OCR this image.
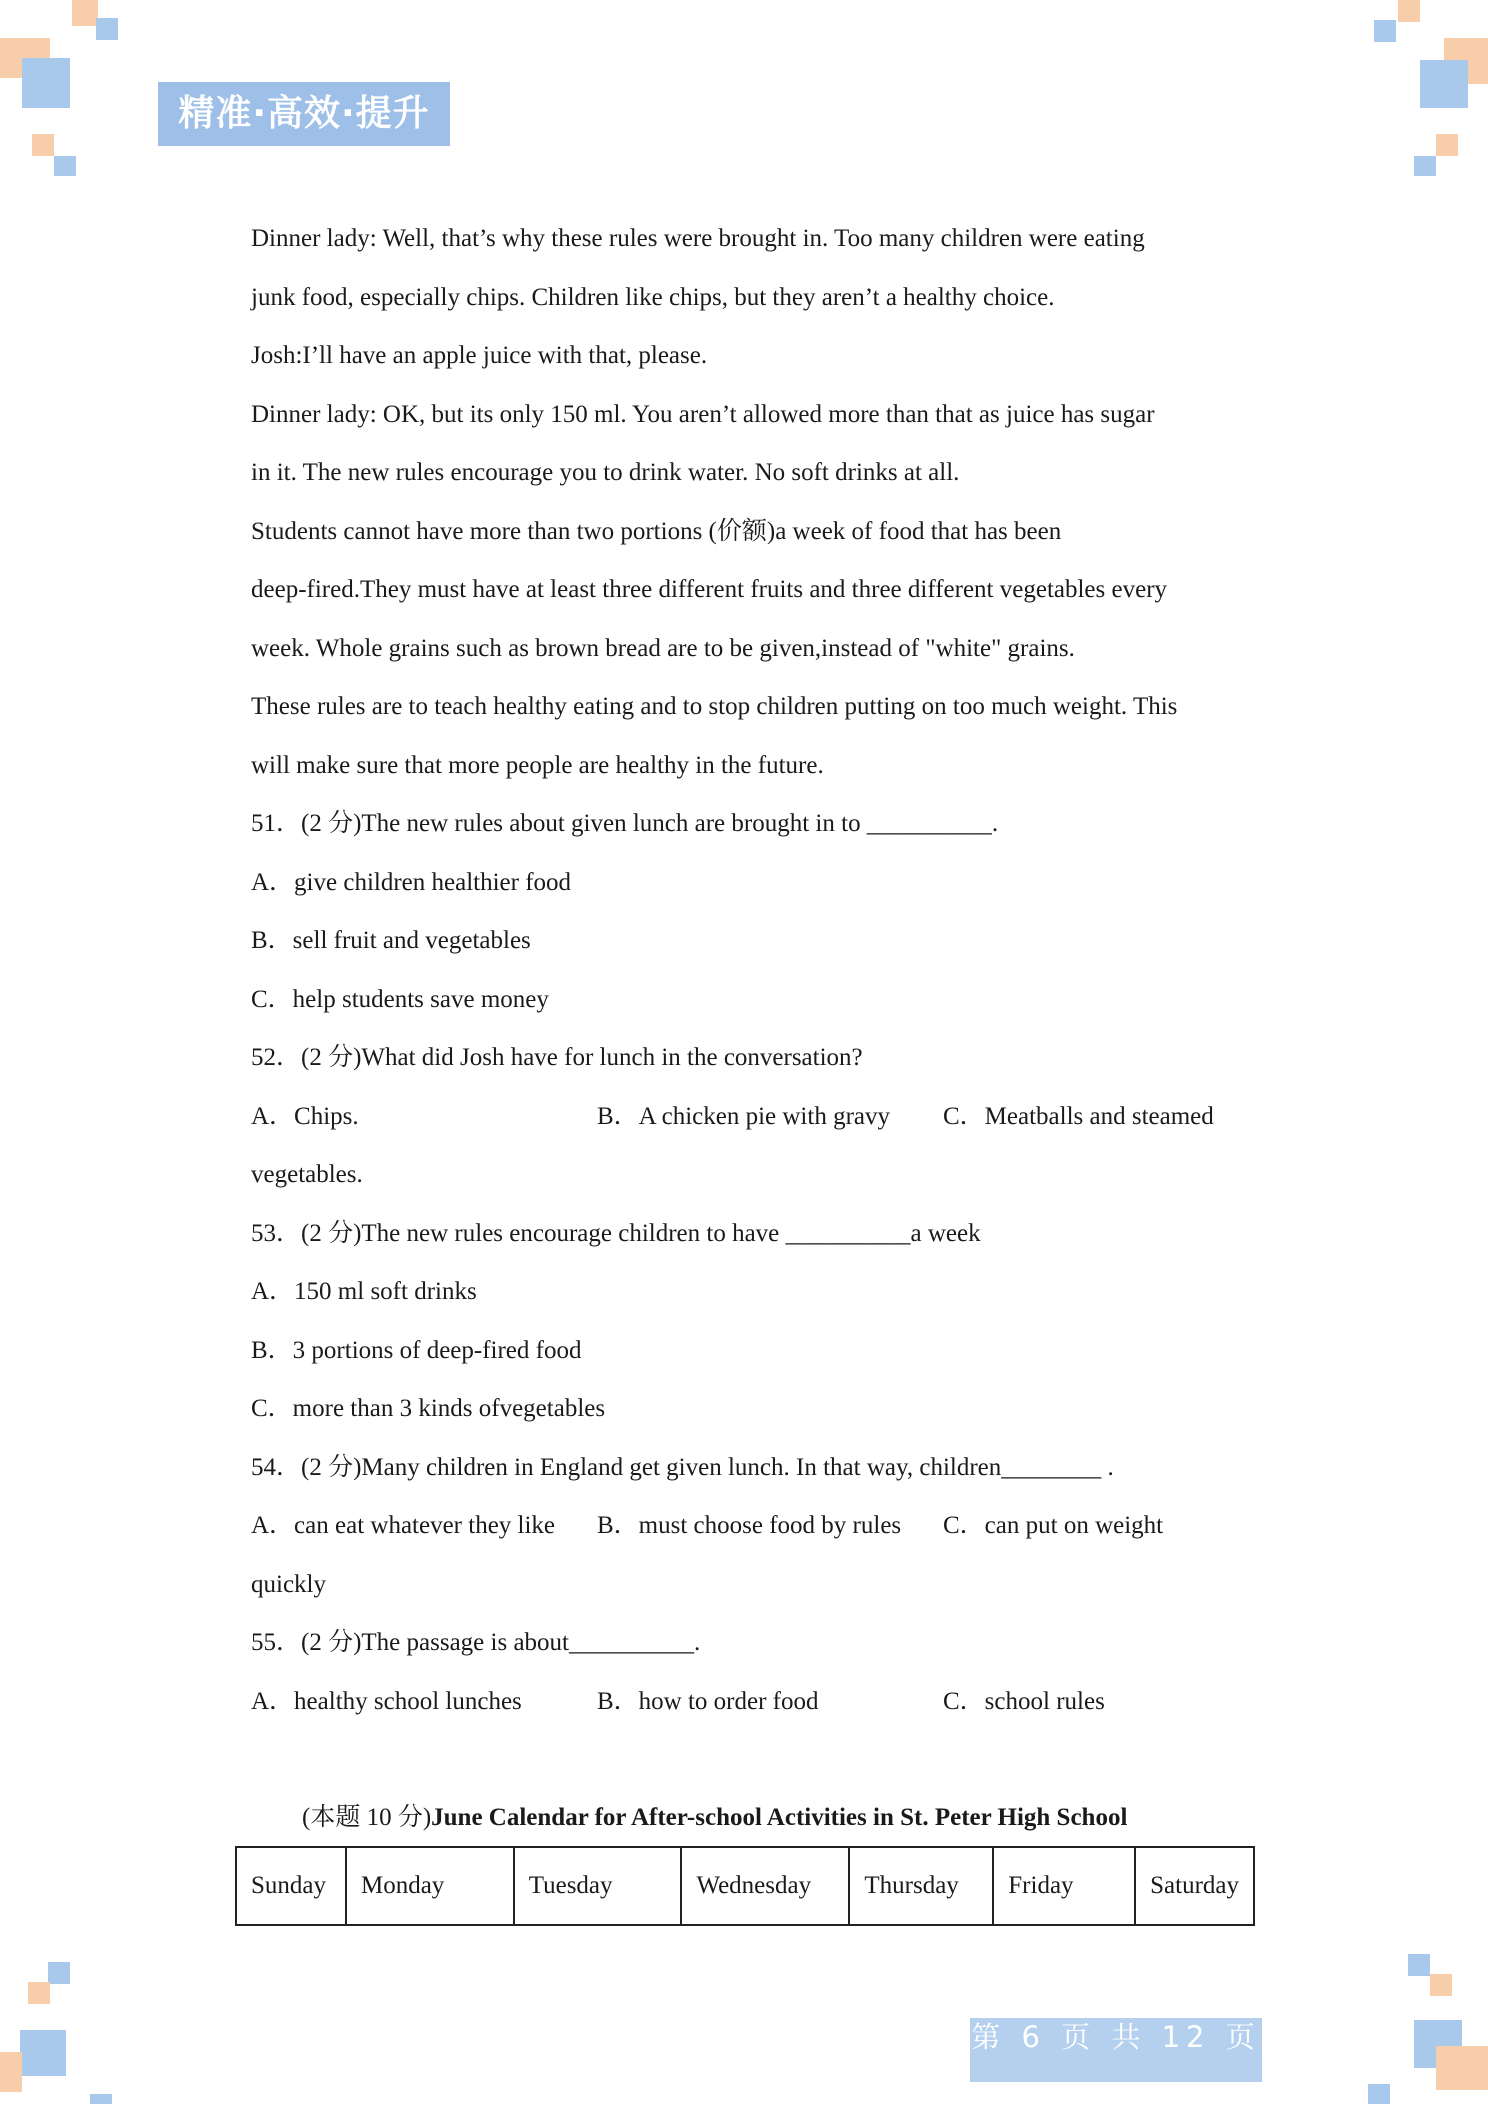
精准·高效·提升
Dinner lady: Well, that’s why these rules were brought in. Too many children were eating
junk food, especially chips. Children like chips, but they aren’t a healthy choice.
Josh:I’ll have an apple juice with that, please.
Dinner lady: OK, but its only 150 ml. You aren’t allowed more than that as juice has sugar
in it. The new rules encourage you to drink water. No soft drinks at all.
Students cannot have more than two portions (价额)a week of food that has been
deep-fired.They must have at least three different fruits and three different vegetables every
week. Whole grains such as brown bread are to be given,instead of "white" grains.
These rules are to teach healthy eating and to stop children putting on too much weight. This
will make sure that more people are healthy in the future.
51．(2 分)The new rules about given lunch are brought in to __________.
A．give children healthier food
B．sell fruit and vegetables
C．help students save money
52．(2 分)What did Josh have for lunch in the conversation?
A．Chips.	B．A chicken pie with gravy	C．Meatballs and steamed
vegetables.
53．(2 分)The new rules encourage children to have __________a week
A．150 ml soft drinks
B．3 portions of deep-fired food
C．more than 3 kinds ofvegetables
54．(2 分)Many children in England get given lunch. In that way, children________ .
A．can eat whatever they like	B．must choose food by rules	C．can put on weight
quickly
55．(2 分)The passage is about__________.
A．healthy school lunches	B．how to order food	C．school rules
(本题 10 分)June Calendar for After-school Activities in St. Peter High School
Sunday	Monday	Tuesday	Wednesday	Thursday	Friday	Saturday
第 6 页 共 12 页
